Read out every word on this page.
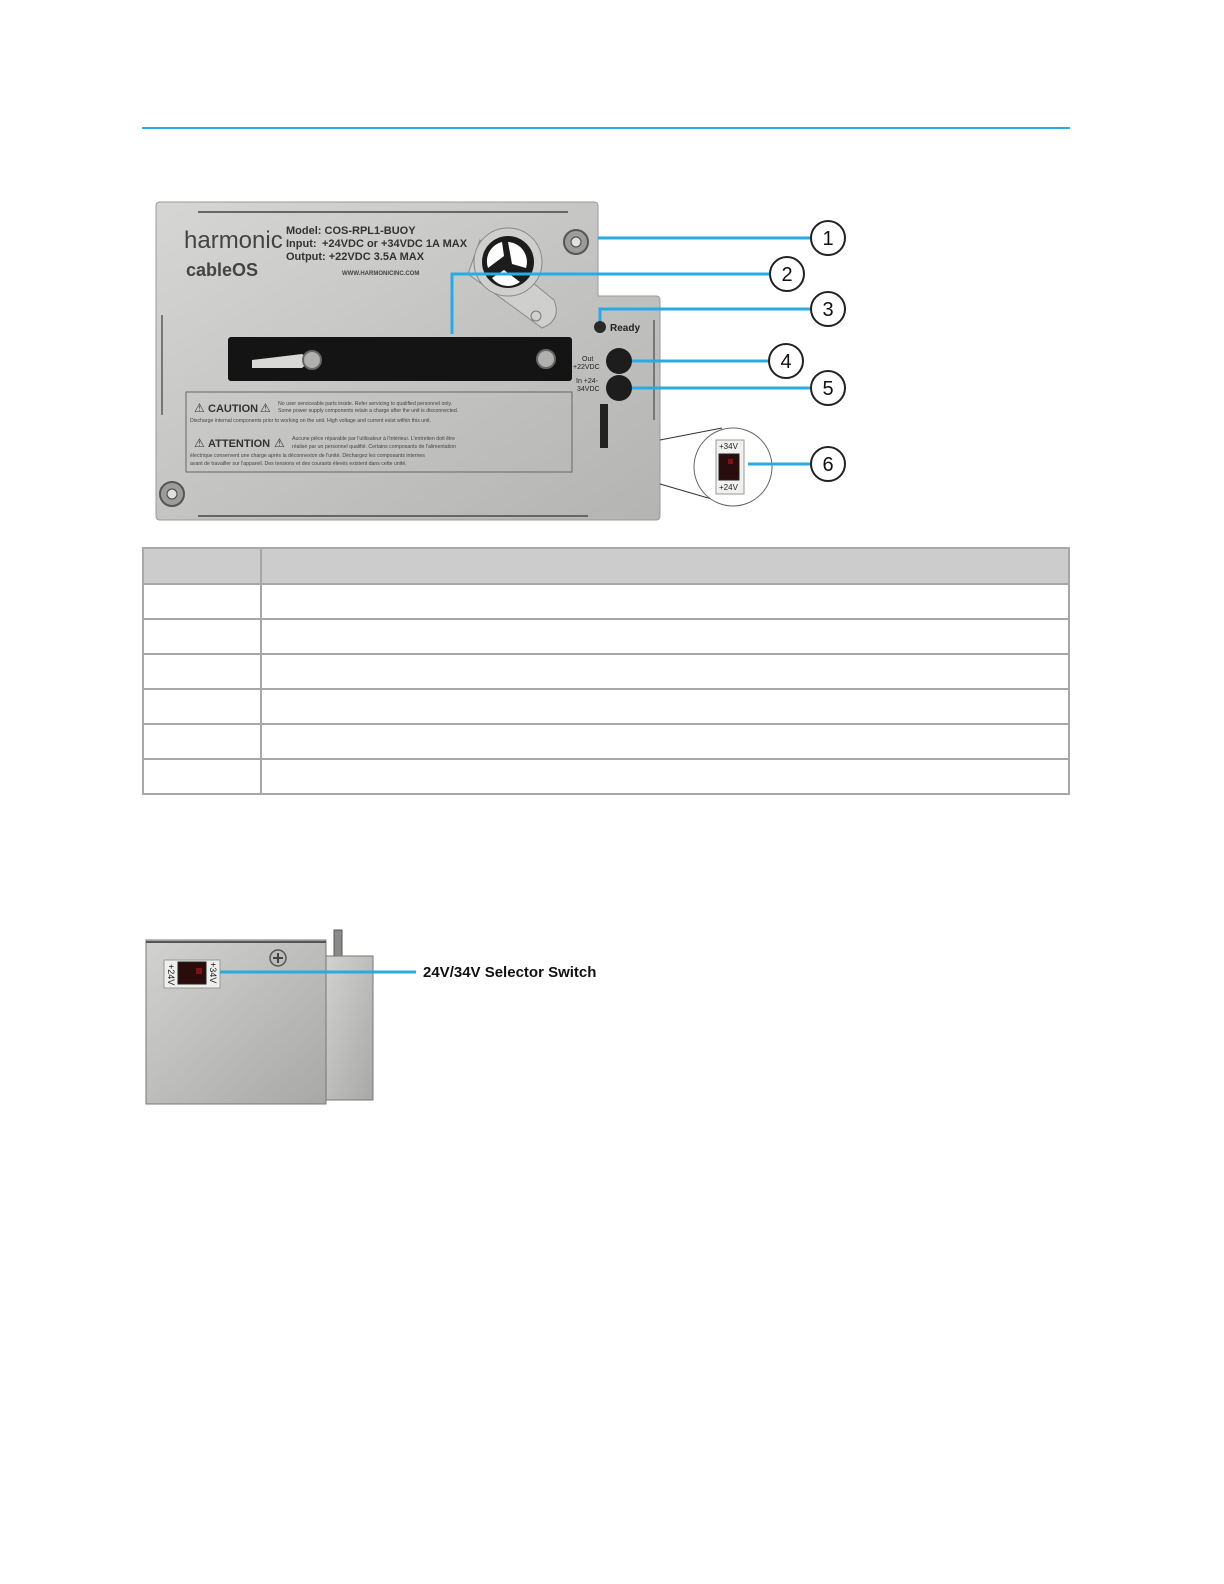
harmonic
cableOS
Model: COS-RPL1-BUOY
Input: +24VDC or +34VDC 1A MAX
Output: +22VDC 3.5A MAX
WWW.HARMONICINC.COM
⚠ CAUTION ⚠ No user serviceable parts inside. Refer servicing to qualified personnel only.
Some power supply components retain a charge after the unit is disconnected.
Discharge internal components prior to working on the unit. High voltage and current exist within this unit.
⚠ ATTENTION ⚠ Aucune pièce réparable par l'utilisateur à l'intérieur. L'entretien doit être
réalisé par un personnel qualifié. Certains composants de l'alimentation
électrique conservent une charge après la déconnexion de l'unité. Déchargez les composants internes
avant de travailler sur l'appareil. Des tensions et des courants élevés existent dans cette unité.
Ready
Out
+22VDC
In +24-
34VDC
+34V
+24V
1
2
3
4
5
6

+24V	+34V	24V/34V Selector Switch
